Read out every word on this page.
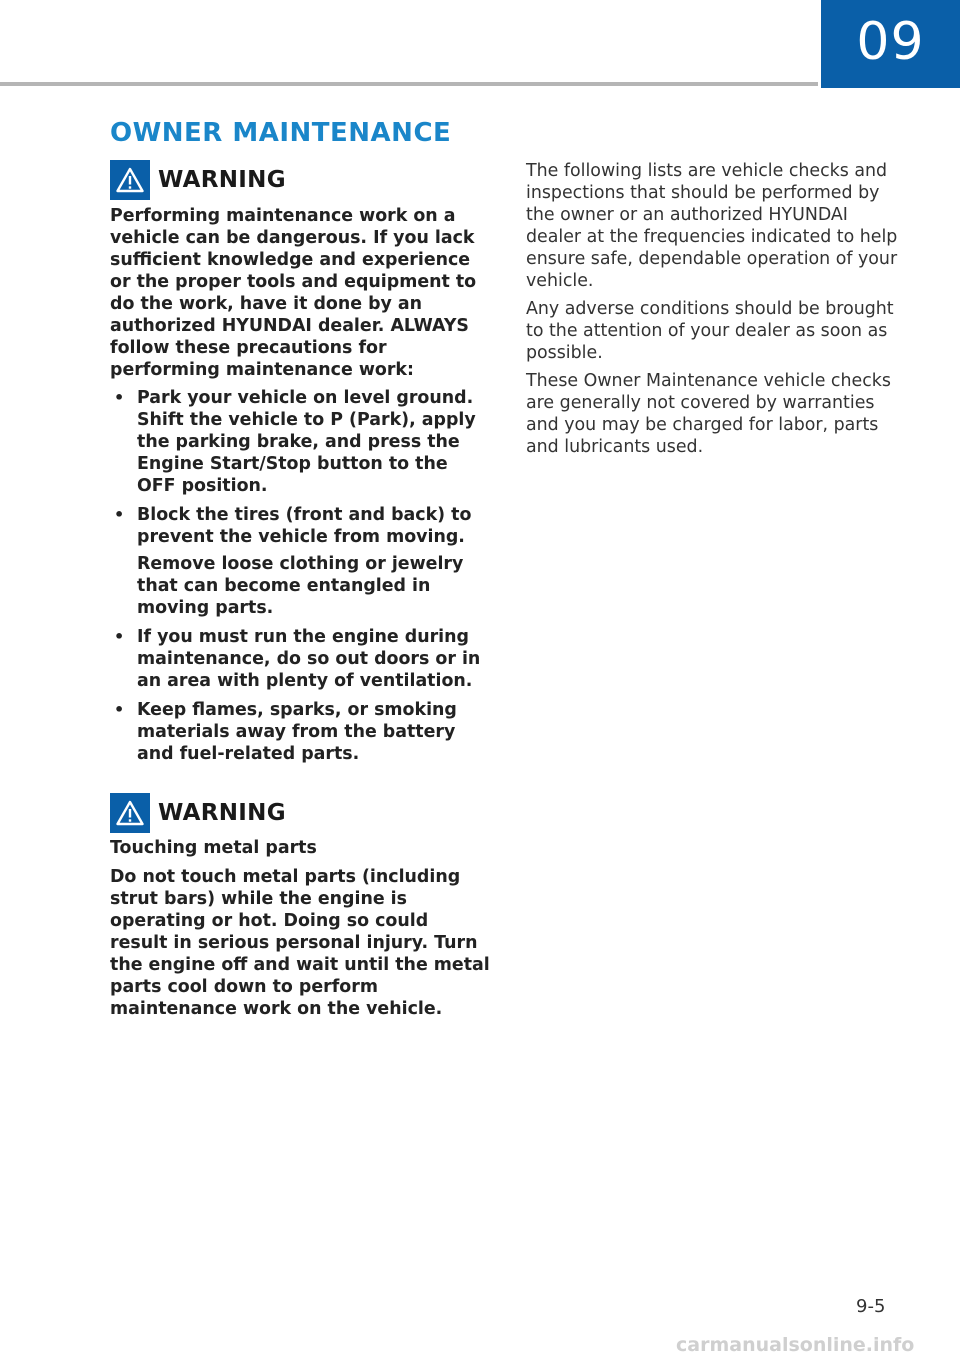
09
OWNER MAINTENANCE
WARNING

Performing maintenance work on a vehicle can be dangerous. If you lack sufficient knowledge and experience or the proper tools and equipment to do the work, have it done by an authorized HYUNDAI dealer. ALWAYS follow these precautions for performing maintenance work:

• Park your vehicle on level ground. Shift the vehicle to P (Park), apply the parking brake, and press the Engine Start/Stop button to the OFF position.
• Block the tires (front and back) to prevent the vehicle from moving.
Remove loose clothing or jewelry that can become entangled in moving parts.
• If you must run the engine during maintenance, do so out doors or in an area with plenty of ventilation.
• Keep flames, sparks, or smoking materials away from the battery and fuel-related parts.
WARNING

Touching metal parts

Do not touch metal parts (including strut bars) while the engine is operating or hot. Doing so could result in serious personal injury. Turn the engine off and wait until the metal parts cool down to perform maintenance work on the vehicle.

The following lists are vehicle checks and inspections that should be performed by the owner or an authorized HYUNDAI dealer at the frequencies indicated to help ensure safe, dependable operation of your vehicle.

Any adverse conditions should be brought to the attention of your dealer as soon as possible.

These Owner Maintenance vehicle checks are generally not covered by warranties and you may be charged for labor, parts and lubricants used.

9-5
carmanualsonline.info
